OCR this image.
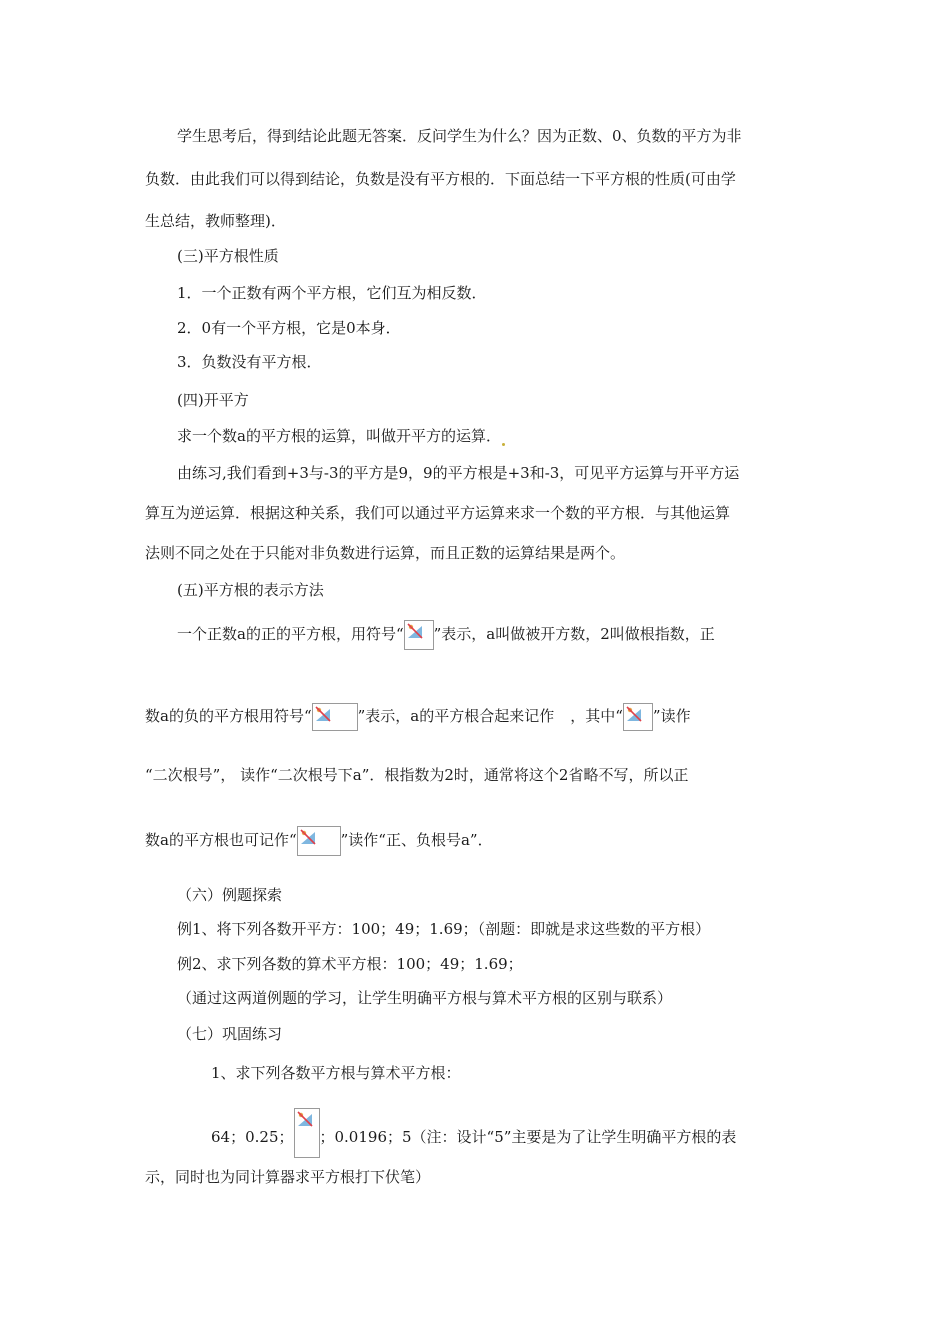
学生思考后，得到结论此题无答案．反问学生为什么？因为正数、0、负数的平方为非
负数．由此我们可以得到结论，负数是没有平方根的．下面总结一下平方根的性质(可由学
生总结，教师整理)．
(三)平方根性质
1．一个正数有两个平方根，它们互为相反数．
2．0有一个平方根，它是0本身．
3．负数没有平方根．
(四)开平方
求一个数a的平方根的运算，叫做开平方的运算．
由练习,我们看到+3与-3的平方是9，9的平方根是+3和-3，可见平方运算与开平方运
算互为逆运算．根据这种关系，我们可以通过平方运算来求一个数的平方根．与其他运算
法则不同之处在于只能对非负数进行运算，而且正数的运算结果是两个。
(五)平方根的表示方法
一个正数a的正的平方根，用符号“ ”表示，a叫做被开方数，2叫做根指数，正
数a的负的平方根用符号“	”表示，a的平方根合起来记作 ，其中“ ”读作
“二次根号”， 读作“二次根号下a”．根指数为2时，通常将这个2省略不写，所以正
数a的平方根也可记作“	”读作“正、负根号a”．
（六）例题探索
例1、将下列各数开平方：100；49；1.69；（剖题：即就是求这些数的平方根）
例2、求下列各数的算术平方根：100；49；1.69；
（通过这两道例题的学习，让学生明确平方根与算术平方根的区别与联系）
（七）巩固练习
1、求下列各数平方根与算术平方根：
64；0.25； ；0.0196；5（注：设计“5”主要是为了让学生明确平方根的表
示，同时也为同计算器求平方根打下伏笔）
